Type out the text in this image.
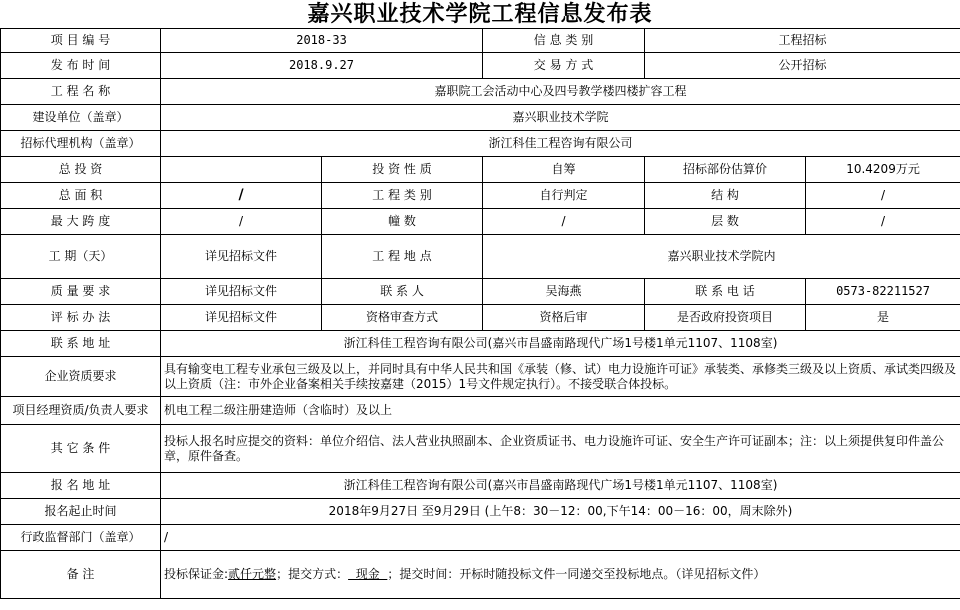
嘉兴职业技术学院工程信息发布表
项 目 编 号	2018-33		信 息 类 别	工程招标	
发 布 时 间	2018.9.27		交 易 方 式	公开招标	
工 程 名 称	嘉职院工会活动中心及四号教学楼四楼扩容工程				
建设单位（盖章）	嘉兴职业技术学院				
招标代理机构（盖章）	浙江科佳工程咨询有限公司				
总 投 资		投 资 性 质	自筹	招标部份估算价	10.4209万元
总 面 积	/	工 程 类 别	自行判定	结 构	/
最 大 跨 度	/	幢 数	/	层 数	/
工 期（天）	详见招标文件	工 程 地 点	嘉兴职业技术学院内		
质 量 要 求	详见招标文件	联 系 人	吴海燕	联 系 电 话	0573-82211527
评 标 办 法	详见招标文件	资格审查方式	资格后审	是否政府投资项目	是
联 系 地 址	浙江科佳工程咨询有限公司(嘉兴市昌盛南路现代广场1号楼1单元1107、1108室)				
企业资质要求	具有输变电工程专业承包三级及以上，并同时具有中华人民共和国《承装（修、试）电力设施许可证》承装类、承修类三级及以上资质、承试类四级及以上资质（注：市外企业备案相关手续按嘉建（2015）1号文件规定执行）。不接受联合体投标。				
项目经理资质/负责人要求	机电工程二级注册建造师（含临时）及以上				
其 它 条 件	投标人报名时应提交的资料：单位介绍信、法人营业执照副本、企业资质证书、电力设施许可证、安全生产许可证副本；注：以上须提供复印件盖公章，原件备查。				
报 名 地 址	浙江科佳工程咨询有限公司(嘉兴市昌盛南路现代广场1号楼1单元1107、1108室)				
报名起止时间	2018年9月27日 至9月29日 (上午8：30－12：00,下午14：00－16：00，周末除外)				
行政监督部门（盖章）	/				
备 注	投标保证金:贰仟元整；提交方式：  现金  ；提交时间：开标时随投标文件一同递交至投标地点。（详见招标文件）				
